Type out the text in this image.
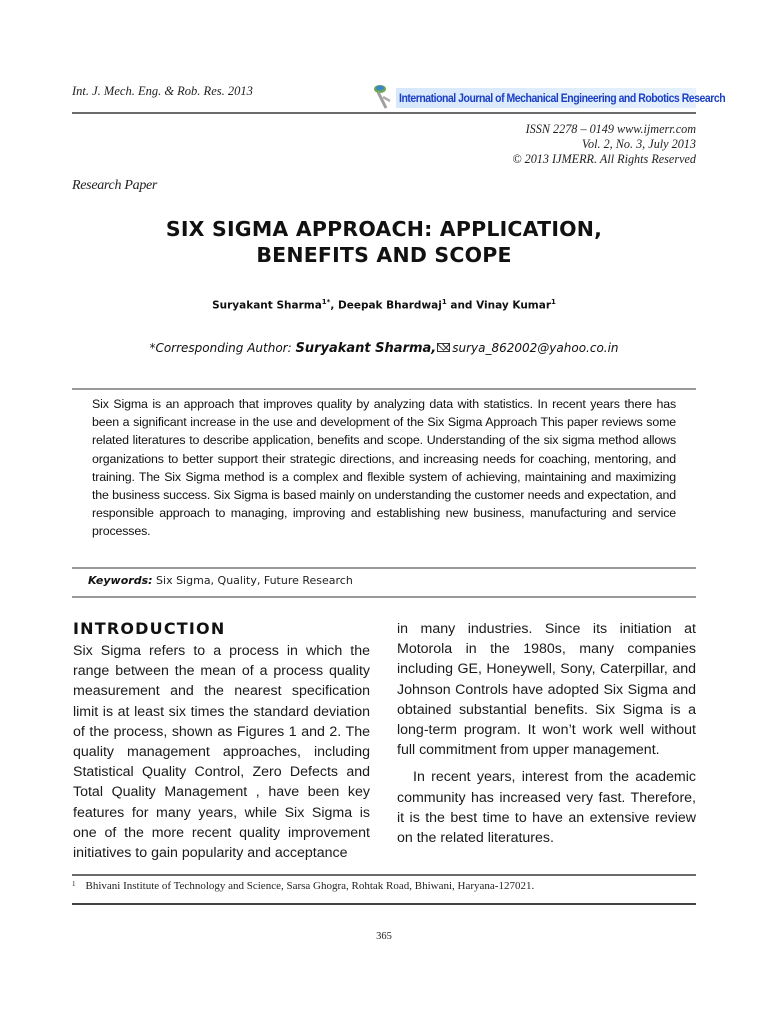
Int. J. Mech. Eng. & Rob. Res. 2013	International Journal of Mechanical Engineering and Robotics Research
ISSN 2278 – 0149 www.ijmerr.com
Vol. 2, No. 3, July 2013
© 2013 IJMERR. All Rights Reserved
Research Paper
SIX SIGMA APPROACH: APPLICATION,
BENEFITS AND SCOPE
Suryakant Sharma$^{1*}$, Deepak Bhardwaj$^1$ and Vinay Kumar$^1$
*Corresponding Author: Suryakant Sharma, surya_862002@yahoo.co.in
Six Sigma is an approach that improves quality by analyzing data with statistics. In recent years there has been a significant increase in the use and development of the Six Sigma Approach This paper reviews some related literatures to describe application, benefits and scope. Understanding of the six sigma method allows organizations to better support their strategic directions, and increasing needs for coaching, mentoring, and training. The Six Sigma method is a complex and flexible system of achieving, maintaining and maximizing the business success. Six Sigma is based mainly on understanding the customer needs and expectation, and responsible approach to managing, improving and establishing new business, manufacturing and service processes.
Keywords: Six Sigma, Quality, Future Research
INTRODUCTION

Six Sigma refers to a process in which the range between the mean of a process quality measurement and the nearest specification limit is at least six times the standard deviation of the process, shown as Figures 1 and 2. The quality management approaches, including Statistical Quality Control, Zero Defects and Total Quality Management , have been key features for many years, while Six Sigma is one of the more recent quality improvement initiatives to gain popularity and acceptance

in many industries. Since its initiation at Motorola in the 1980s, many companies including GE, Honeywell, Sony, Caterpillar, and Johnson Controls have adopted Six Sigma and obtained substantial benefits. Six Sigma is a long-term program. It won’t work well without full commitment from upper management.

In recent years, interest from the academic community has increased very fast. Therefore, it is the best time to have an extensive review on the related literatures.

$^1$ Bhivani Institute of Technology and Science, Sarsa Ghogra, Rohtak Road, Bhiwani, Haryana-127021.
365
